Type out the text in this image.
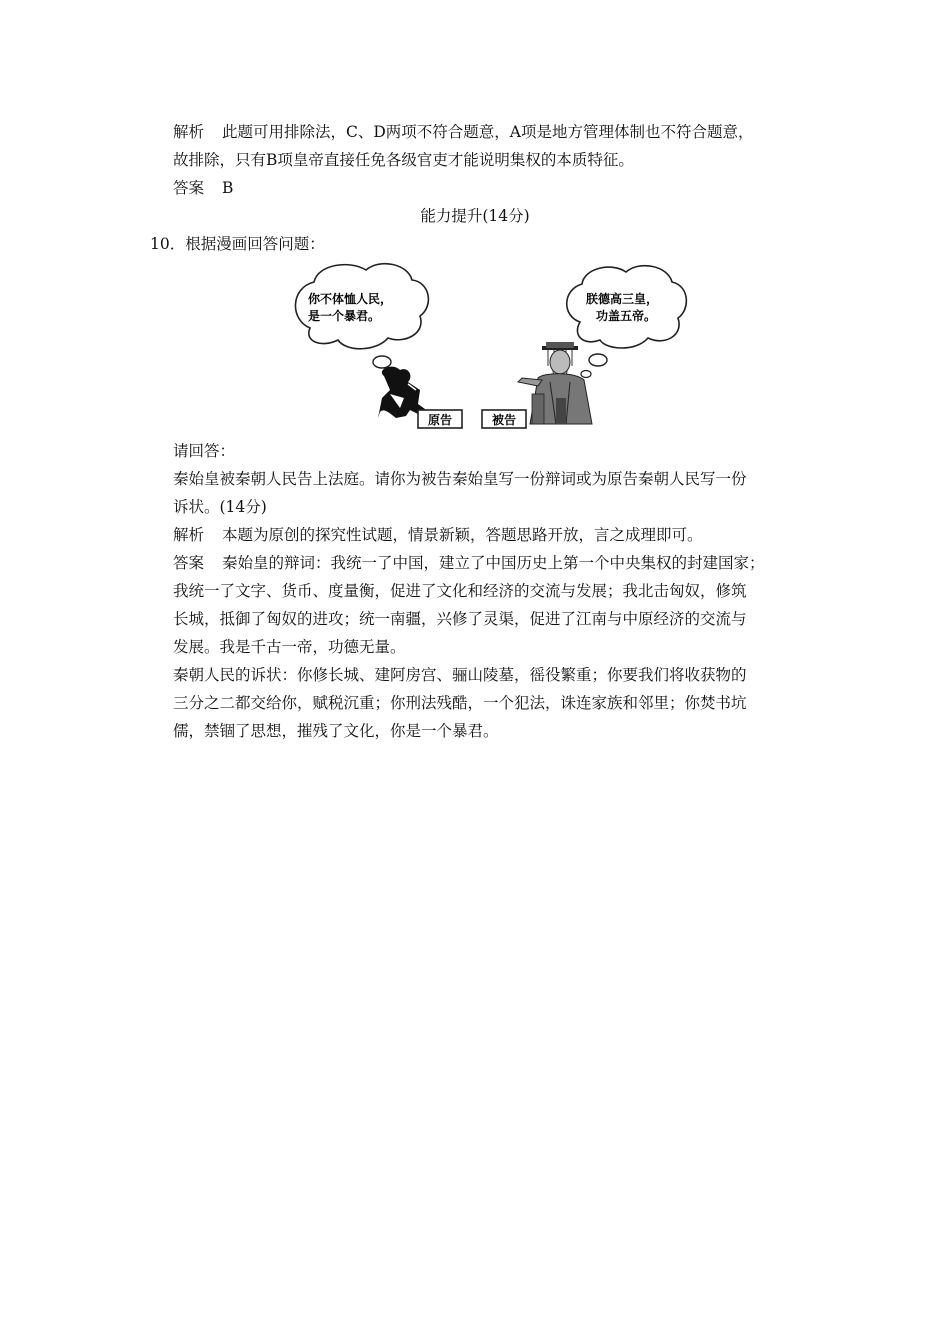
解析 此题可用排除法，C、D两项不符合题意，A项是地方管理体制也不符合题意，
故排除，只有B项皇帝直接任免各级官吏才能说明集权的本质特征。
答案 B
能力提升(14分)
10．根据漫画回答问题：
你不体恤人民，
是一个暴君。
朕德高三皇，
功盖五帝。
原告	被告
请回答：
秦始皇被秦朝人民告上法庭。请你为被告秦始皇写一份辩词或为原告秦朝人民写一份
诉状。(14分)
解析 本题为原创的探究性试题，情景新颖，答题思路开放，言之成理即可。
答案 秦始皇的辩词：我统一了中国，建立了中国历史上第一个中央集权的封建国家；
我统一了文字、货币、度量衡，促进了文化和经济的交流与发展；我北击匈奴，修筑
长城，抵御了匈奴的进攻；统一南疆，兴修了灵渠，促进了江南与中原经济的交流与
发展。我是千古一帝，功德无量。
秦朝人民的诉状：你修长城、建阿房宫、骊山陵墓，徭役繁重；你要我们将收获物的
三分之二都交给你，赋税沉重；你刑法残酷，一个犯法，诛连家族和邻里；你焚书坑
儒，禁锢了思想，摧残了文化，你是一个暴君。
